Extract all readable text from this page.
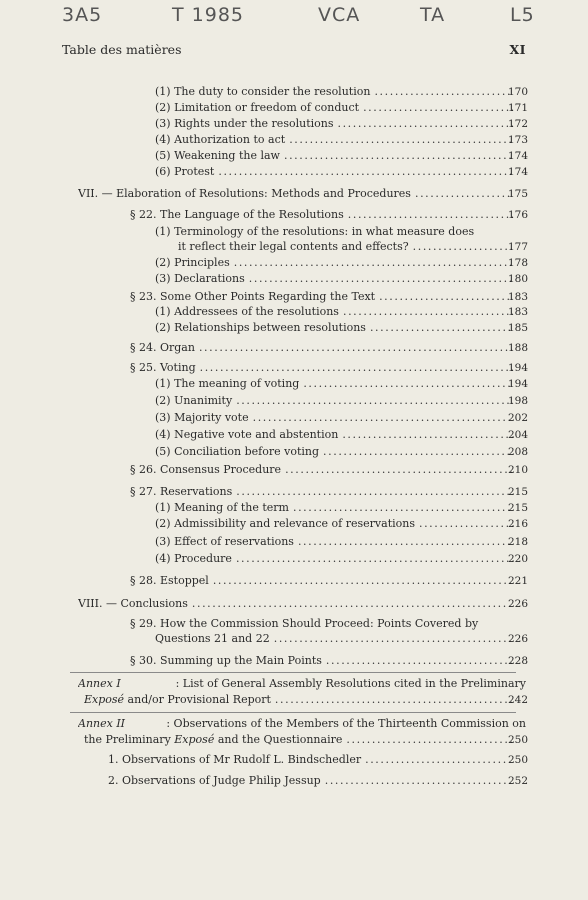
3A5	T 1985	VCA	TA	L5
Table des matières	XI
(1) The duty to consider the resolution .....	170
(2) Limitation or freedom of conduct .....	171
(3) Rights under the resolutions .....	172
(4) Authorization to act .....	173
(5) Weakening the law .....	174
(6) Protest .....	174
VII. — Elaboration of Resolutions: Methods and Procedures .....	175
§ 22. The Language of the Resolutions .....	176
(1) Terminology of the resolutions: in what measure does
it reflect their legal contents and effects? .....	177
(2) Principles .....	178
(3) Declarations .....	180
§ 23. Some Other Points Regarding the Text .....	183
(1) Addressees of the resolutions .....	183
(2) Relationships between resolutions .....	185
§ 24. Organ .....	188
§ 25. Voting .....	194
(1) The meaning of voting .....	194
(2) Unanimity .....	198
(3) Majority vote .....	202
(4) Negative vote and abstention .....	204
(5) Conciliation before voting .....	208
§ 26. Consensus Procedure .....	210
§ 27. Reservations .....	215
(1) Meaning of the term .....	215
(2) Admissibility and relevance of reservations .....	216
(3) Effect of reservations .....	218
(4) Procedure .....	220
§ 28. Estoppel .....	221
VIII. — Conclusions .....	226
§ 29. How the Commission Should Proceed: Points Covered by
Questions 21 and 22 .....	226
§ 30. Summing up the Main Points .....	228
Annex I	: List of General Assembly Resolutions cited in the Preliminary
Exposé and/or Provisional Report .....	242
Annex II	: Observations of the Members of the Thirteenth Commission on
the Preliminary Exposé and the Questionnaire .....	250
1. Observations of Mr Rudolf L. Bindschedler .....	250
2. Observations of Judge Philip Jessup .....	252
